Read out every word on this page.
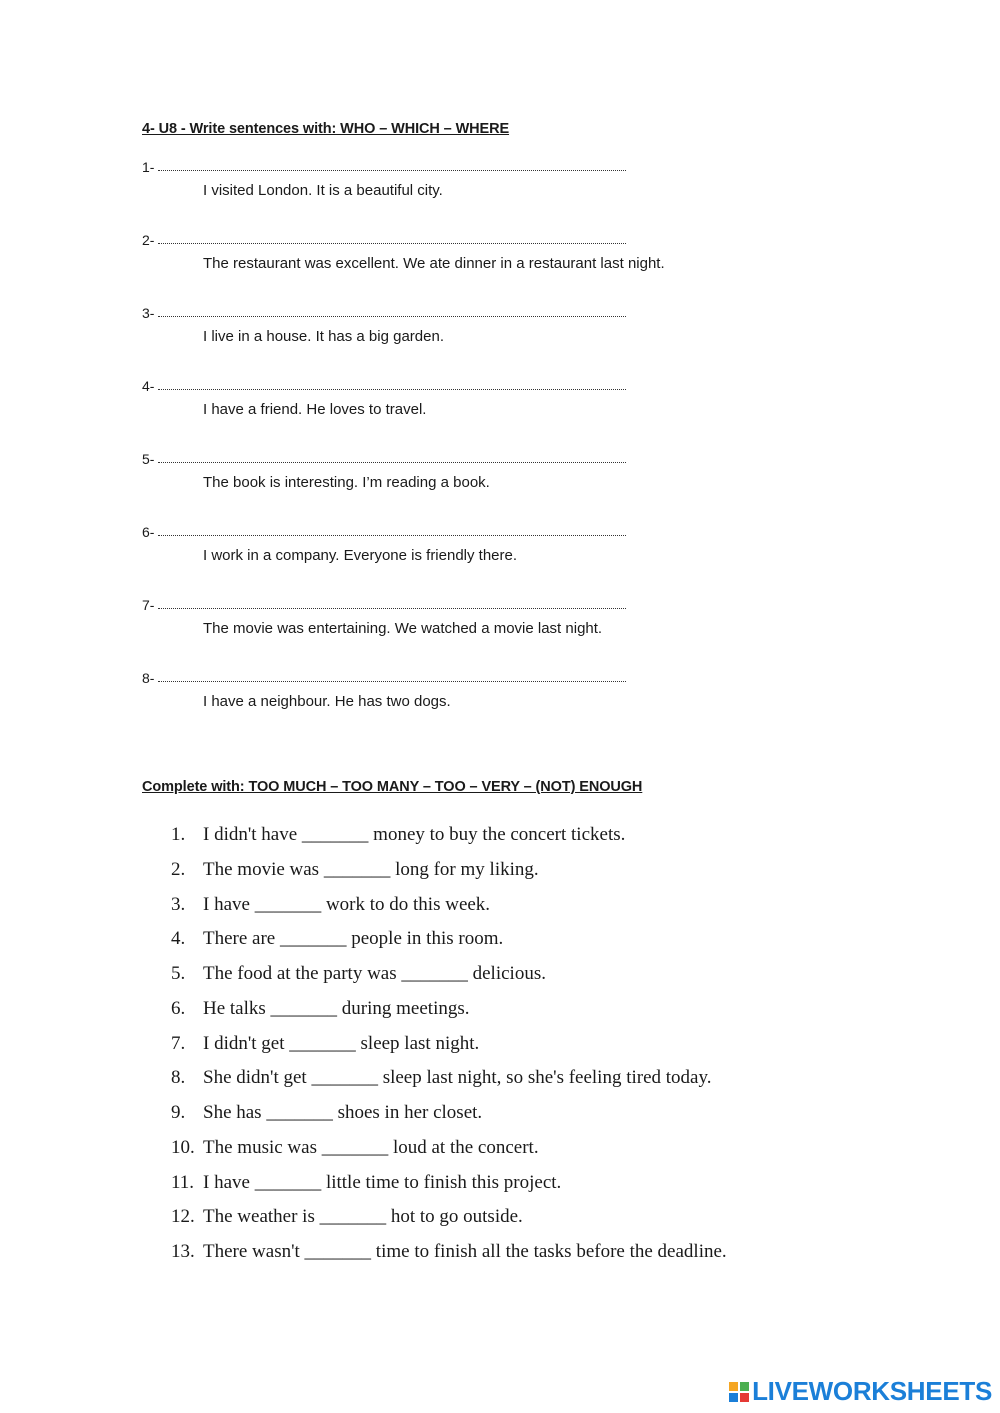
4- U8 - Write sentences with: WHO – WHICH – WHERE
1-
I visited London. It is a beautiful city.
2-
The restaurant was excellent. We ate dinner in a restaurant last night.
3-
I live in a house. It has a big garden.
4-
I have a friend. He loves to travel.
5-
The book is interesting. I’m reading a book.
6-
I work in a company. Everyone is friendly there.
7-
The movie was entertaining. We watched a movie last night.
8-
I have a neighbour. He has two dogs.
Complete with: TOO MUCH – TOO MANY – TOO – VERY – (NOT) ENOUGH
1. I didn't have _______ money to buy the concert tickets.
2. The movie was _______ long for my liking.
3. I have _______ work to do this week.
4. There are _______ people in this room.
5. The food at the party was _______ delicious.
6. He talks _______ during meetings.
7. I didn't get _______ sleep last night.
8. She didn't get _______ sleep last night, so she's feeling tired today.
9. She has _______ shoes in her closet.
10. The music was _______ loud at the concert.
11. I have _______ little time to finish this project.
12. The weather is _______ hot to go outside.
13. There wasn't _______ time to finish all the tasks before the deadline.
LIVEWORKSHEETS
